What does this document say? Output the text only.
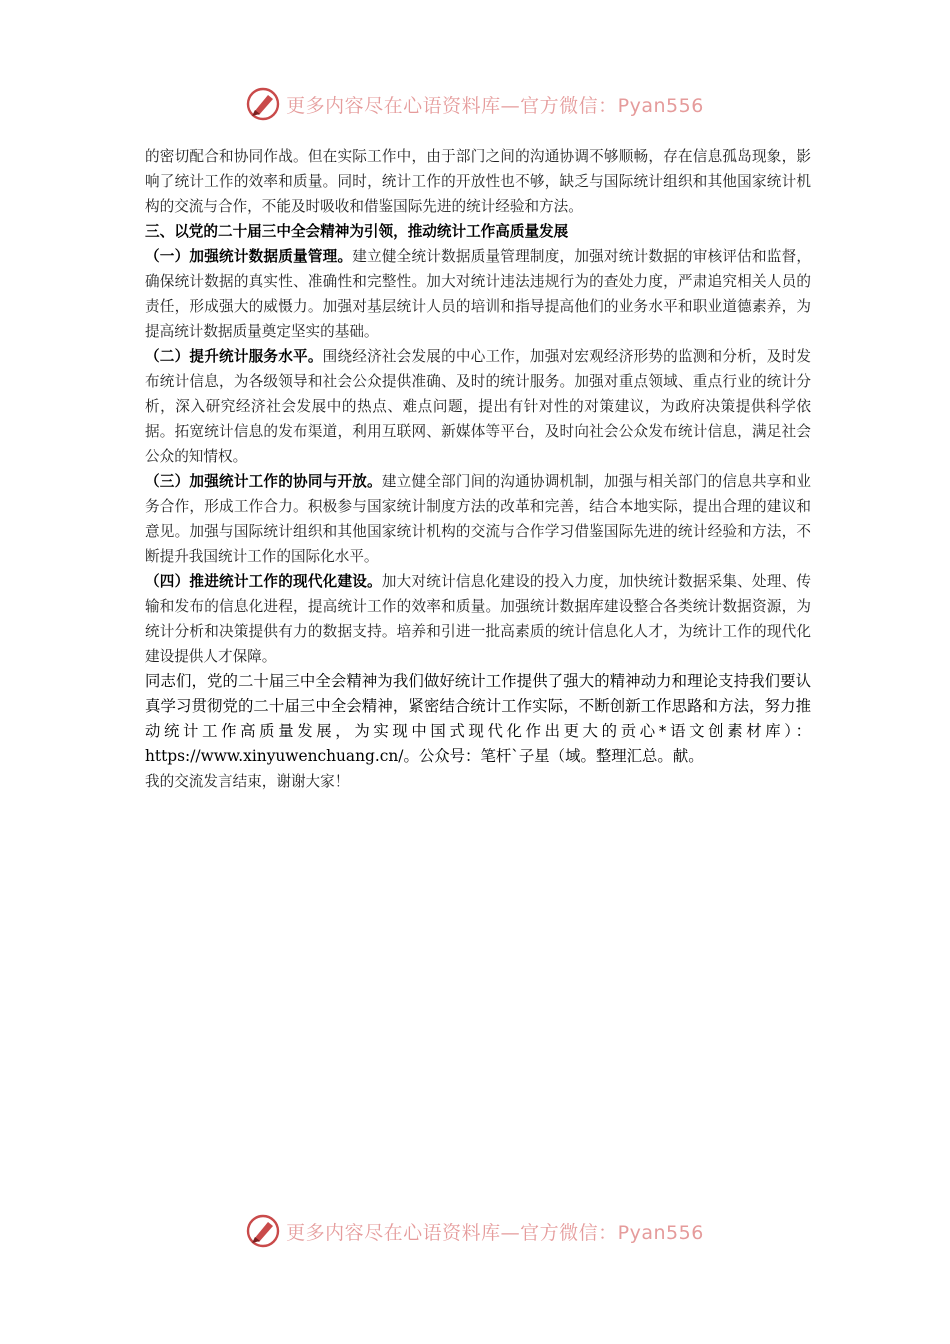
更多内容尽在心语资料库—官方微信：Pyan556

的密切配合和协同作战。但在实际工作中，由于部门之间的沟通协调不够顺畅，存在信息孤岛现象，影响了统计工作的效率和质量。同时，统计工作的开放性也不够，缺乏与国际统计组织和其他国家统计机构的交流与合作，不能及时吸收和借鉴国际先进的统计经验和方法。

三、以党的二十届三中全会精神为引领，推动统计工作高质量发展

（一）加强统计数据质量管理。建立健全统计数据质量管理制度，加强对统计数据的审核评估和监督，确保统计数据的真实性、准确性和完整性。加大对统计违法违规行为的查处力度，严肃追究相关人员的责任，形成强大的威慑力。加强对基层统计人员的培训和指导提高他们的业务水平和职业道德素养，为提高统计数据质量奠定坚实的基础。

（二）提升统计服务水平。围绕经济社会发展的中心工作，加强对宏观经济形势的监测和分析，及时发布统计信息，为各级领导和社会公众提供准确、及时的统计服务。加强对重点领域、重点行业的统计分析，深入研究经济社会发展中的热点、难点问题，提出有针对性的对策建议，为政府决策提供科学依据。拓宽统计信息的发布渠道，利用互联网、新媒体等平台，及时向社会公众发布统计信息，满足社会公众的知情权。

（三）加强统计工作的协同与开放。建立健全部门间的沟通协调机制，加强与相关部门的信息共享和业务合作，形成工作合力。积极参与国家统计制度方法的改革和完善，结合本地实际，提出合理的建议和意见。加强与国际统计组织和其他国家统计机构的交流与合作学习借鉴国际先进的统计经验和方法，不断提升我国统计工作的国际化水平。

（四）推进统计工作的现代化建设。加大对统计信息化建设的投入力度，加快统计数据采集、处理、传输和发布的信息化进程，提高统计工作的效率和质量。加强统计数据库建设整合各类统计数据资源，为统计分析和决策提供有力的数据支持。培养和引进一批高素质的统计信息化人才，为统计工作的现代化建设提供人才保障。

同志们，党的二十届三中全会精神为我们做好统计工作提供了强大的精神动力和理论支持我们要认真学习贯彻党的二十届三中全会精神，紧密结合统计工作实际，不断创新工作思路和方法，努力推动统计工作高质量发展，为实现中国式现代化作出更大的贡心*语文创素材库）：https://www.xinyuwenchuang.cn/。公众号：笔杆`子星（域。整理汇总。献。

我的交流发言结束，谢谢大家！

更多内容尽在心语资料库—官方微信：Pyan556
